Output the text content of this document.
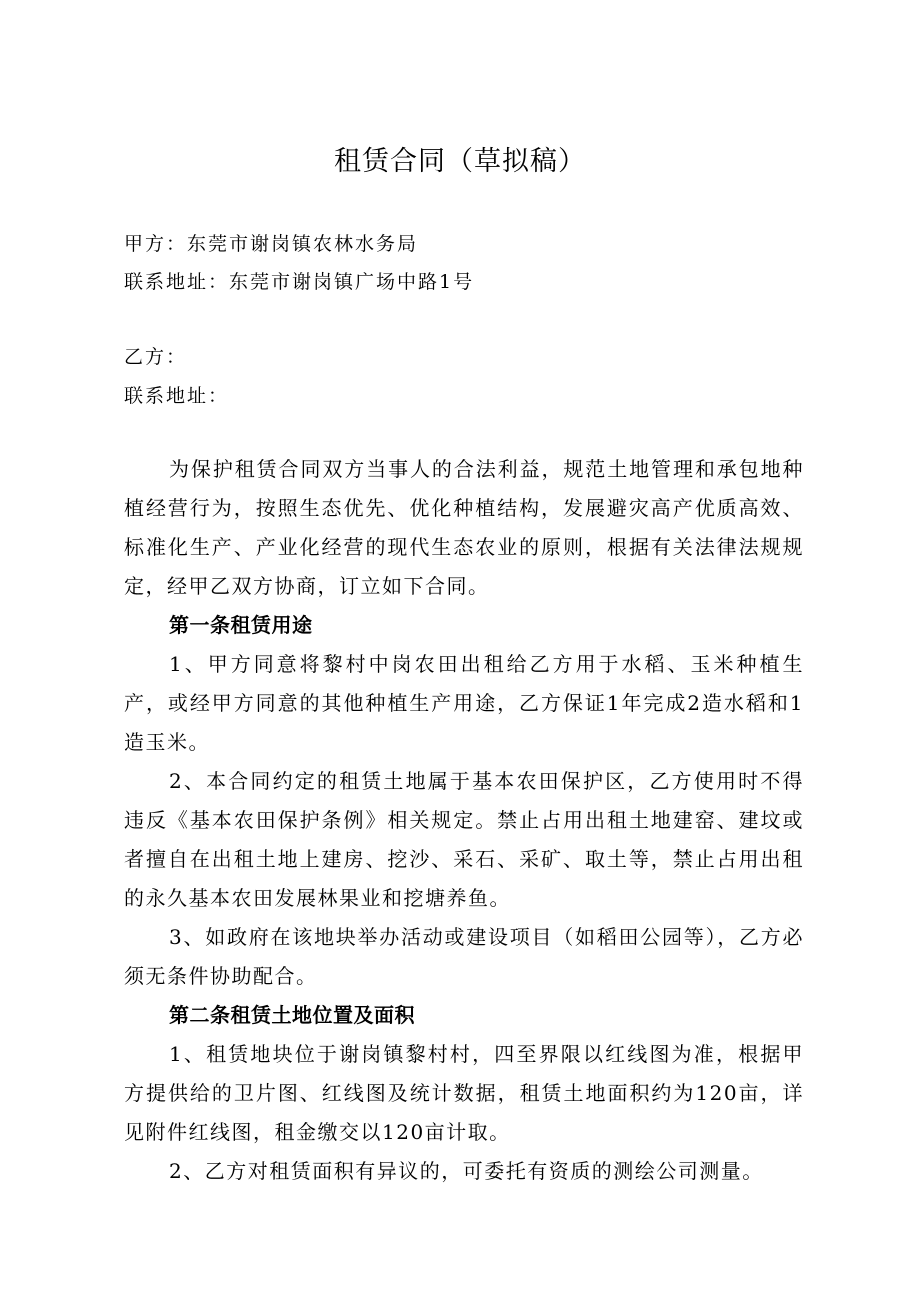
租赁合同（草拟稿）
甲方：东莞市谢岗镇农林水务局
联系地址：东莞市谢岗镇广场中路1号
乙方：
联系地址：

为保护租赁合同双方当事人的合法利益，规范土地管理和承包地种植经营行为，按照生态优先、优化种植结构，发展避灾高产优质高效、标准化生产、产业化经营的现代生态农业的原则，根据有关法律法规规定，经甲乙双方协商，订立如下合同。

第一条租赁用途

1、甲方同意将黎村中岗农田出租给乙方用于水稻、玉米种植生产，或经甲方同意的其他种植生产用途，乙方保证1年完成2造水稻和1造玉米。

2、本合同约定的租赁土地属于基本农田保护区，乙方使用时不得违反《基本农田保护条例》相关规定。禁止占用出租土地建窑、建坟或者擅自在出租土地上建房、挖沙、采石、采矿、取土等，禁止占用出租的永久基本农田发展林果业和挖塘养鱼。

3、如政府在该地块举办活动或建设项目（如稻田公园等），乙方必须无条件协助配合。

第二条租赁土地位置及面积

1、租赁地块位于谢岗镇黎村村，四至界限以红线图为准，根据甲方提供给的卫片图、红线图及统计数据，租赁土地面积约为120亩，详见附件红线图，租金缴交以120亩计取。

2、乙方对租赁面积有异议的，可委托有资质的测绘公司测量。
